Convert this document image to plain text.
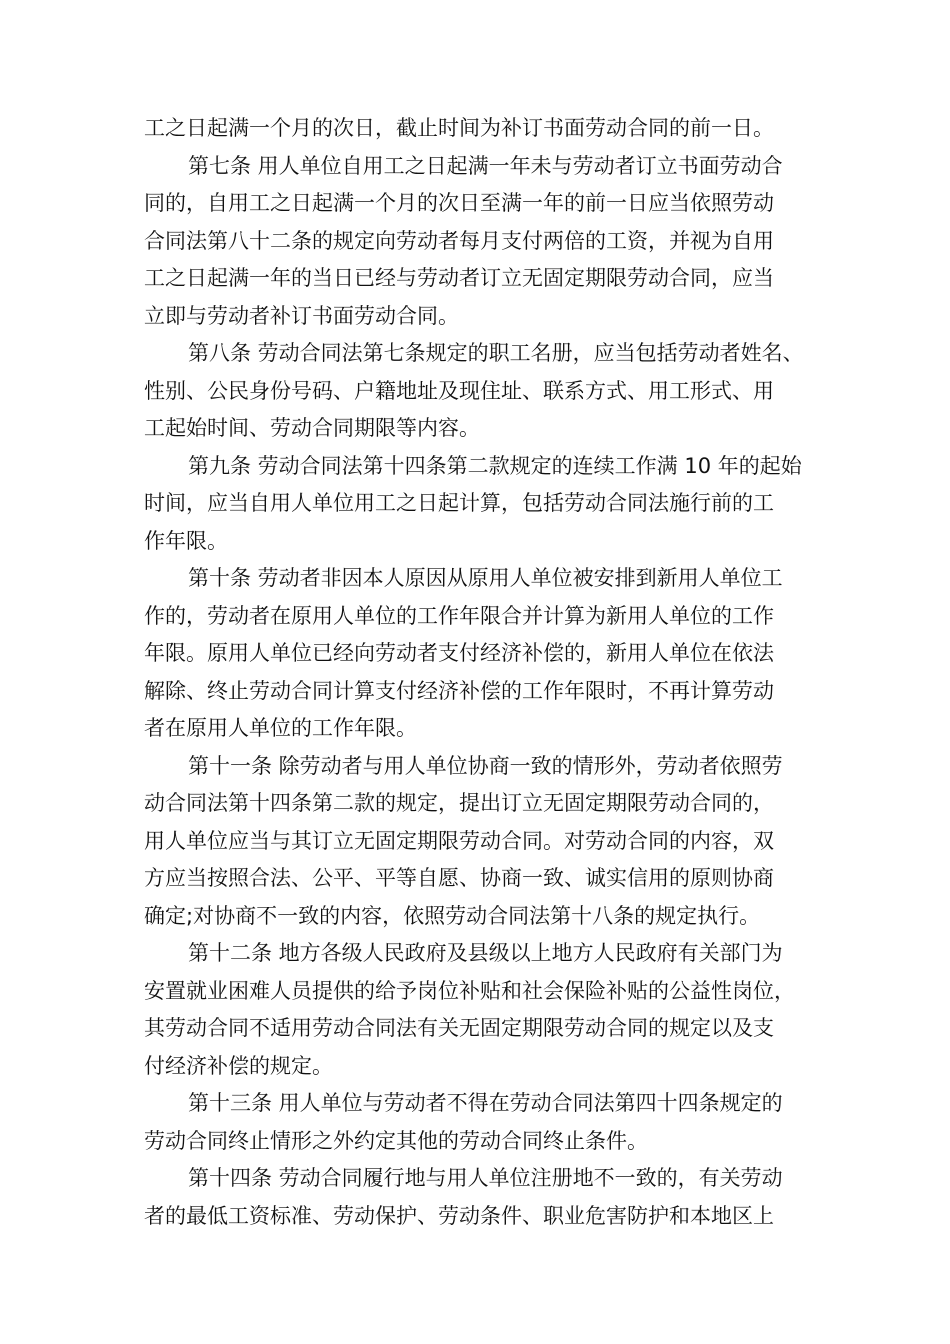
工之日起满一个月的次日，截止时间为补订书面劳动合同的前一日。
第七条 用人单位自用工之日起满一年未与劳动者订立书面劳动合
同的，自用工之日起满一个月的次日至满一年的前一日应当依照劳动
合同法第八十二条的规定向劳动者每月支付两倍的工资，并视为自用
工之日起满一年的当日已经与劳动者订立无固定期限劳动合同，应当
立即与劳动者补订书面劳动合同。
第八条 劳动合同法第七条规定的职工名册，应当包括劳动者姓名、
性别、公民身份号码、户籍地址及现住址、联系方式、用工形式、用
工起始时间、劳动合同期限等内容。
第九条 劳动合同法第十四条第二款规定的连续工作满 10 年的起始
时间，应当自用人单位用工之日起计算，包括劳动合同法施行前的工
作年限。
第十条 劳动者非因本人原因从原用人单位被安排到新用人单位工
作的，劳动者在原用人单位的工作年限合并计算为新用人单位的工作
年限。原用人单位已经向劳动者支付经济补偿的，新用人单位在依法
解除、终止劳动合同计算支付经济补偿的工作年限时，不再计算劳动
者在原用人单位的工作年限。
第十一条 除劳动者与用人单位协商一致的情形外，劳动者依照劳
动合同法第十四条第二款的规定，提出订立无固定期限劳动合同的，
用人单位应当与其订立无固定期限劳动合同。对劳动合同的内容，双
方应当按照合法、公平、平等自愿、协商一致、诚实信用的原则协商
确定;对协商不一致的内容，依照劳动合同法第十八条的规定执行。
第十二条 地方各级人民政府及县级以上地方人民政府有关部门为
安置就业困难人员提供的给予岗位补贴和社会保险补贴的公益性岗位，
其劳动合同不适用劳动合同法有关无固定期限劳动合同的规定以及支
付经济补偿的规定。
第十三条 用人单位与劳动者不得在劳动合同法第四十四条规定的
劳动合同终止情形之外约定其他的劳动合同终止条件。
第十四条 劳动合同履行地与用人单位注册地不一致的，有关劳动
者的最低工资标准、劳动保护、劳动条件、职业危害防护和本地区上
